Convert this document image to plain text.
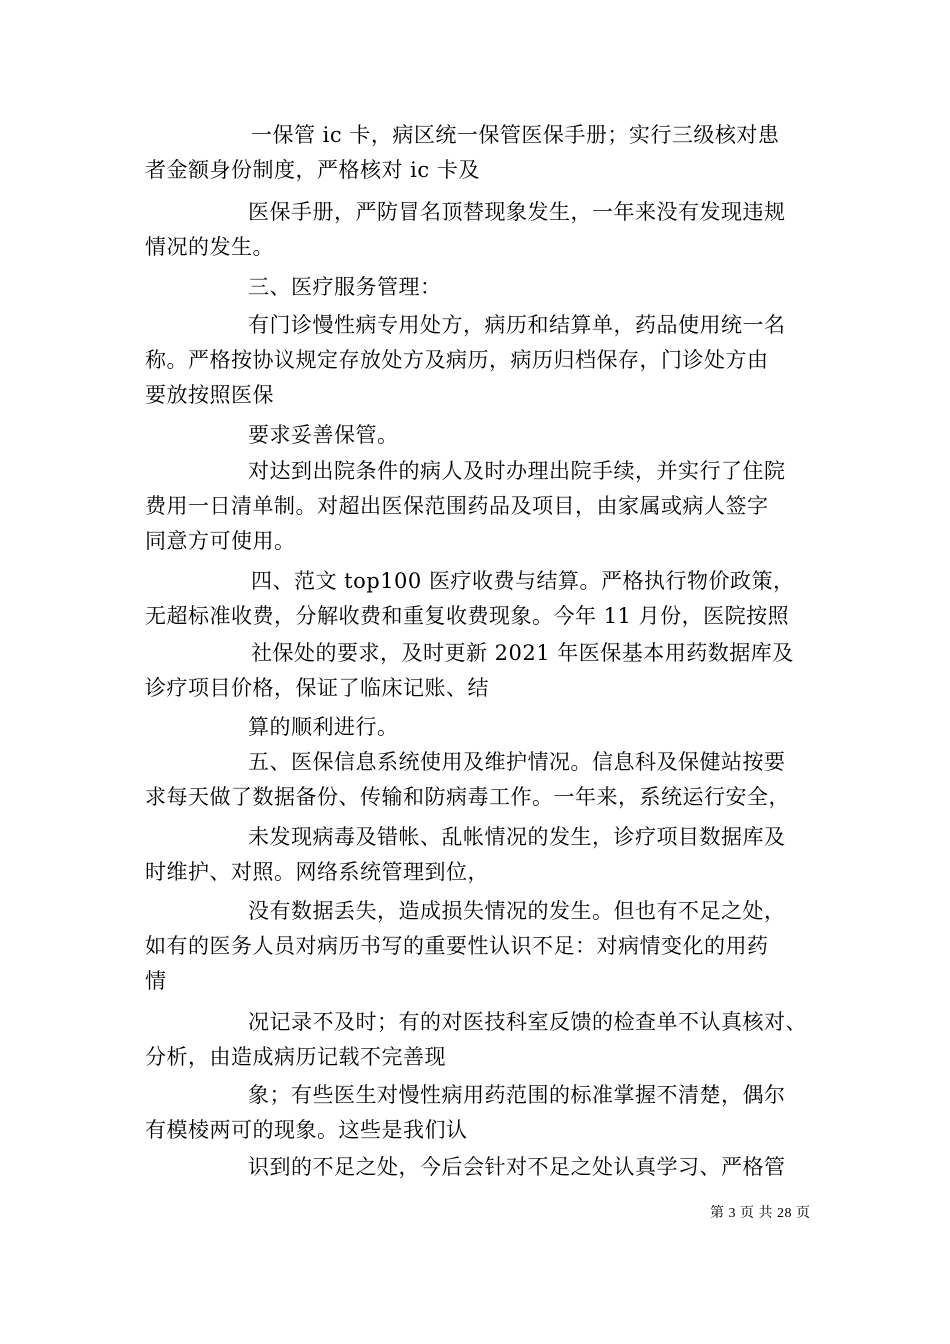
一保管 ic 卡，病区统一保管医保手册；实行三级核对患
者金额身份制度，严格核对 ic 卡及

医保手册，严防冒名顶替现象发生，一年来没有发现违规
情况的发生。

三、医疗服务管理：

有门诊慢性病专用处方，病历和结算单，药品使用统一名
称。严格按协议规定存放处方及病历，病历归档保存，门诊处方由
要放按照医保

要求妥善保管。

对达到出院条件的病人及时办理出院手续，并实行了住院
费用一日清单制。对超出医保范围药品及项目，由家属或病人签字
同意方可使用。

四、范文 top100 医疗收费与结算。严格执行物价政策，
无超标准收费，分解收费和重复收费现象。今年 11 月份，医院按照

社保处的要求，及时更新 2021 年医保基本用药数据库及
诊疗项目价格，保证了临床记账、结

算的顺利进行。

五、医保信息系统使用及维护情况。信息科及保健站按要
求每天做了数据备份、传输和防病毒工作。一年来，系统运行安全，

未发现病毒及错帐、乱帐情况的发生，诊疗项目数据库及
时维护、对照。网络系统管理到位，

没有数据丢失，造成损失情况的发生。但也有不足之处，
如有的医务人员对病历书写的重要性认识不足：对病情变化的用药
情

况记录不及时；有的对医技科室反馈的检查单不认真核对、
分析，由造成病历记载不完善现

象；有些医生对慢性病用药范围的标准掌握不清楚，偶尔
有模棱两可的现象。这些是我们认

识到的不足之处，今后会针对不足之处认真学习、严格管

第 3 页 共 28 页
